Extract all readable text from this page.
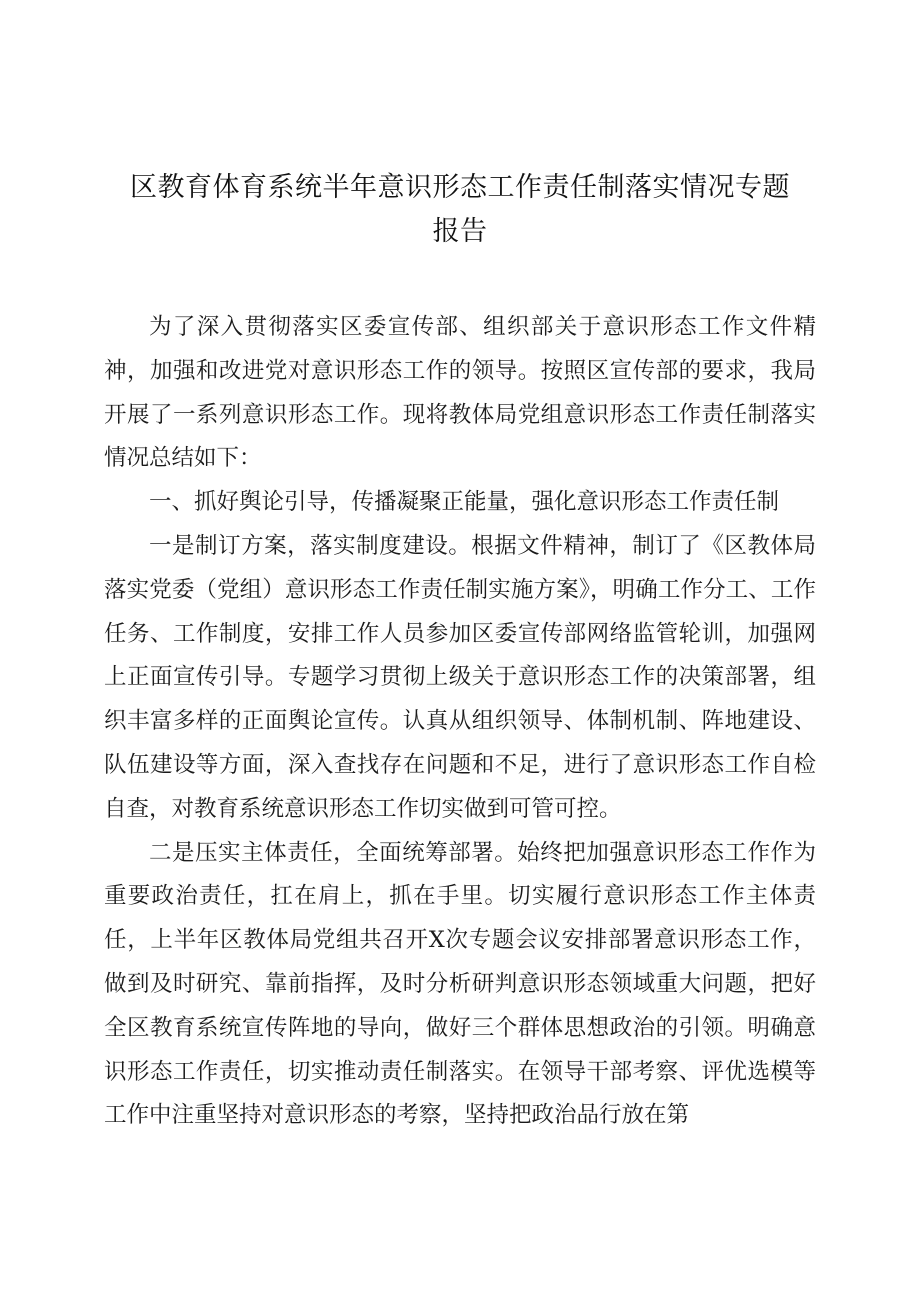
区教育体育系统半年意识形态工作责任制落实情况专题
报告

为了深入贯彻落实区委宣传部、组织部关于意识形态工作文件精神，加强和改进党对意识形态工作的领导。按照区宣传部的要求，我局开展了一系列意识形态工作。现将教体局党组意识形态工作责任制落实情况总结如下：

一、抓好舆论引导，传播凝聚正能量，强化意识形态工作责任制

一是制订方案，落实制度建设。根据文件精神，制订了《区教体局落实党委（党组）意识形态工作责任制实施方案》，明确工作分工、工作任务、工作制度，安排工作人员参加区委宣传部网络监管轮训，加强网上正面宣传引导。专题学习贯彻上级关于意识形态工作的决策部署，组织丰富多样的正面舆论宣传。认真从组织领导、体制机制、阵地建设、队伍建设等方面，深入查找存在问题和不足，进行了意识形态工作自检自查，对教育系统意识形态工作切实做到可管可控。

二是压实主体责任，全面统筹部署。始终把加强意识形态工作作为重要政治责任，扛在肩上，抓在手里。切实履行意识形态工作主体责任，上半年区教体局党组共召开X次专题会议安排部署意识形态工作，做到及时研究、靠前指挥，及时分析研判意识形态领域重大问题，把好全区教育系统宣传阵地的导向，做好三个群体思想政治的引领。明确意识形态工作责任，切实推动责任制落实。在领导干部考察、评优选模等工作中注重坚持对意识形态的考察，坚持把政治品行放在第
